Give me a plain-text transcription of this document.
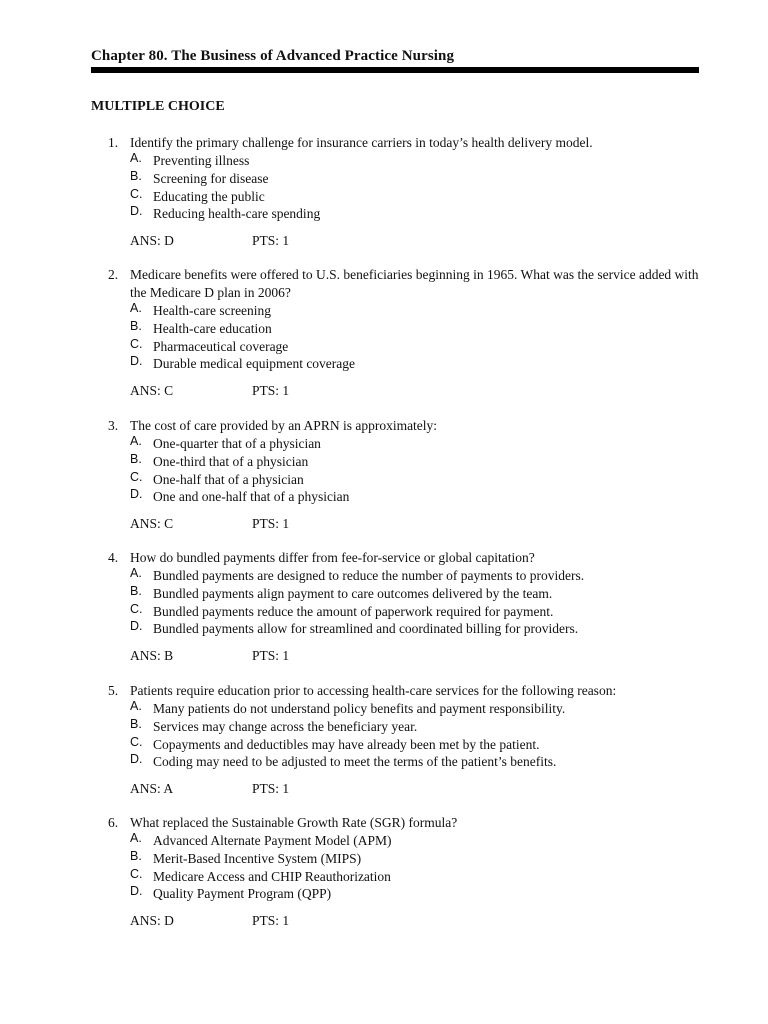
Chapter 80. The Business of Advanced Practice Nursing
MULTIPLE CHOICE
1. Identify the primary challenge for insurance carriers in today’s health delivery model.
A. Preventing illness
B. Screening for disease
C. Educating the public
D. Reducing health-care spending
ANS: D	PTS: 1
2. Medicare benefits were offered to U.S. beneficiaries beginning in 1965. What was the service added with the Medicare D plan in 2006?
A. Health-care screening
B. Health-care education
C. Pharmaceutical coverage
D. Durable medical equipment coverage
ANS: C	PTS: 1
3. The cost of care provided by an APRN is approximately:
A. One-quarter that of a physician
B. One-third that of a physician
C. One-half that of a physician
D. One and one-half that of a physician
ANS: C	PTS: 1
4. How do bundled payments differ from fee-for-service or global capitation?
A. Bundled payments are designed to reduce the number of payments to providers.
B. Bundled payments align payment to care outcomes delivered by the team.
C. Bundled payments reduce the amount of paperwork required for payment.
D. Bundled payments allow for streamlined and coordinated billing for providers.
ANS: B	PTS: 1
5. Patients require education prior to accessing health-care services for the following reason:
A. Many patients do not understand policy benefits and payment responsibility.
B. Services may change across the beneficiary year.
C. Copayments and deductibles may have already been met by the patient.
D. Coding may need to be adjusted to meet the terms of the patient’s benefits.
ANS: A	PTS: 1
6. What replaced the Sustainable Growth Rate (SGR) formula?
A. Advanced Alternate Payment Model (APM)
B. Merit-Based Incentive System (MIPS)
C. Medicare Access and CHIP Reauthorization
D. Quality Payment Program (QPP)
ANS: D	PTS: 1
